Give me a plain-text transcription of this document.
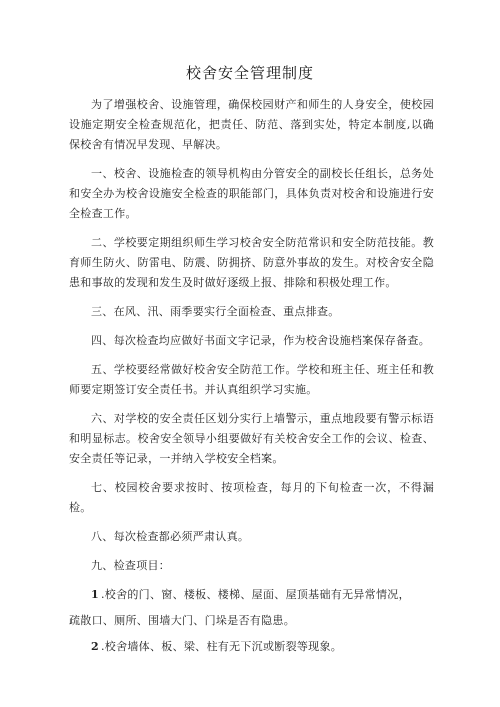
校舍安全管理制度

为了增强校舍、设施管理，确保校园财产和师生的人身安全，使校园设施定期安全检查规范化，把责任、防范、落到实处，特定本制度,以确保校舍有情况早发现、早解决。

一、校舍、设施检查的领导机构由分管安全的副校长任组长，总务处和安全办为校舍设施安全检查的职能部门，具体负责对校舍和设施进行安全检查工作。

二、学校要定期组织师生学习校舍安全防范常识和安全防范技能。教育师生防火、防雷电、防震、防拥挤、防意外事故的发生。对校舍安全隐患和事故的发现和发生及时做好逐级上报、排除和积极处理工作。

三、在风、汛、雨季要实行全面检查、重点排查。

四、每次检查均应做好书面文字记录，作为校舍设施档案保存备查。

五、学校要经常做好校舍安全防范工作。学校和班主任、班主任和教师要定期签订安全责任书。并认真组织学习实施。

六、对学校的安全责任区划分实行上墙警示，重点地段要有警示标语和明显标志。校舍安全领导小组要做好有关校舍安全工作的会议、检查、安全责任等记录，一并纳入学校安全档案。

七、校园校舍要求按时、按项检查，每月的下旬检查一次，不得漏检。

八、每次检查都必须严肃认真。

九、检查项目：

1 .校舍的门、窗、楼板、楼梯、屋面、屋顶基础有无异常情况，

疏散口、厕所、围墙大门、门垛是否有隐患。

2 .校舍墙体、板、梁、柱有无下沉或断裂等现象。
